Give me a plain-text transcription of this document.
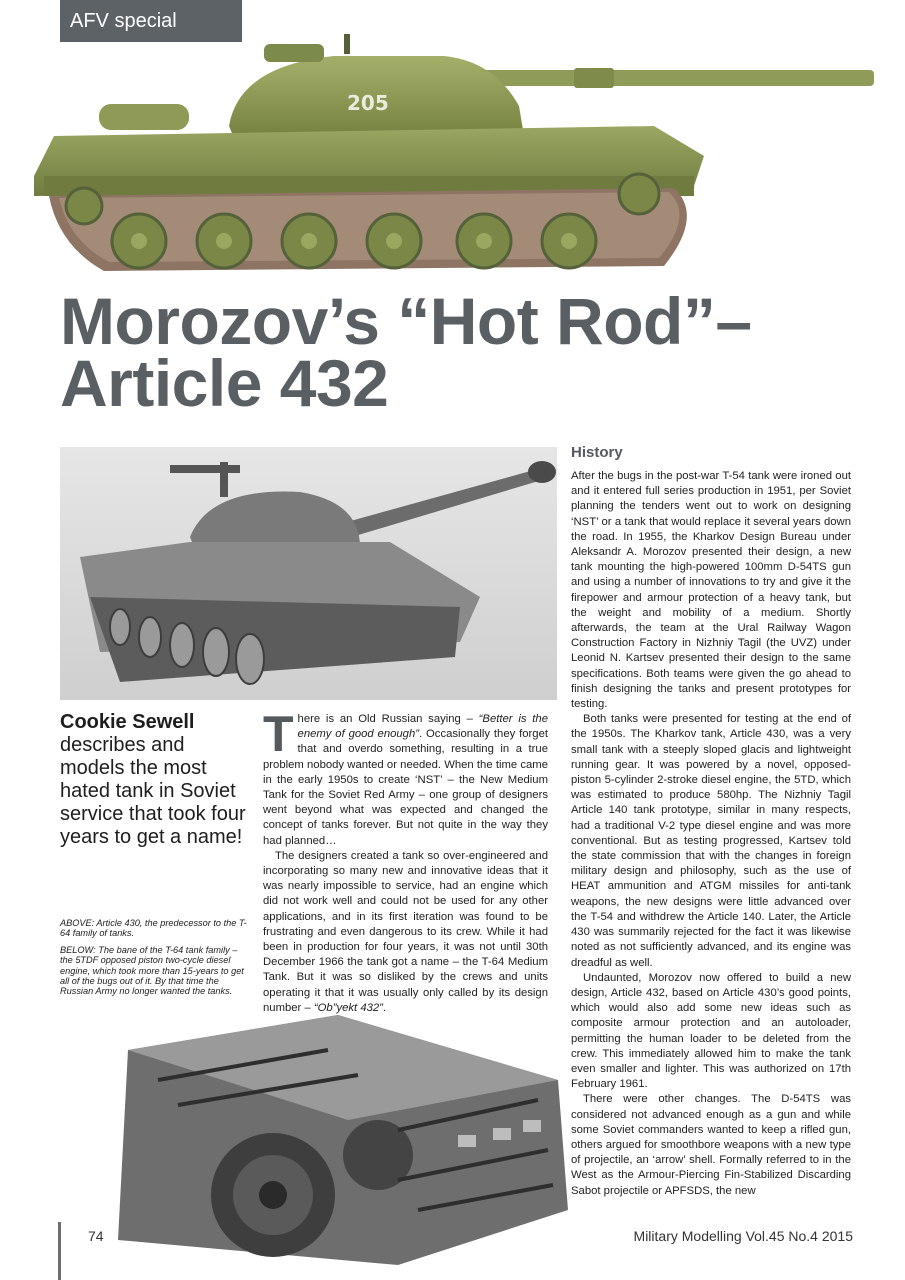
AFV special
205
Morozov’s “Hot Rod”–
Article 432
Cookie Sewell
describes and models the most hated tank in Soviet service that took four years to get a name!

ABOVE: Article 430, the predecessor to the T-64 family of tanks.

BELOW: The bane of the T-64 tank family – the 5TDF opposed piston two-cycle diesel engine, which took more than 15-years to get all of the bugs out of it. By that time the Russian Army no longer wanted the tanks.

There is an Old Russian saying – “Better is the enemy of good enough”. Occasionally they forget that and overdo something, resulting in a true problem nobody wanted or needed. When the time came in the early 1950s to create ‘NST’ – the New Medium Tank for the Soviet Red Army – one group of designers went beyond what was expected and changed the concept of tanks forever. But not quite in the way they had planned…

The designers created a tank so over-engineered and incorporating so many new and innovative ideas that it was nearly impossible to service, had an engine which did not work well and could not be used for any other applications, and in its first iteration was found to be frustrating and even dangerous to its crew. While it had been in production for four years, it was not until 30th December 1966 the tank got a name – the T-64 Medium Tank. But it was so disliked by the crews and units operating it that it was usually only called by its design number – “Ob”yekt 432”.

History

After the bugs in the post-war T-54 tank were ironed out and it entered full series production in 1951, per Soviet planning the tenders went out to work on designing ‘NST’ or a tank that would replace it several years down the road. In 1955, the Kharkov Design Bureau under Aleksandr A. Morozov presented their design, a new tank mounting the high-powered 100mm D-54TS gun and using a number of innovations to try and give it the firepower and armour protection of a heavy tank, but the weight and mobility of a medium. Shortly afterwards, the team at the Ural Railway Wagon Construction Factory in Nizhniy Tagil (the UVZ) under Leonid N. Kartsev presented their design to the same specifications. Both teams were given the go ahead to finish designing the tanks and present prototypes for testing.

Both tanks were presented for testing at the end of the 1950s. The Kharkov tank, Article 430, was a very small tank with a steeply sloped glacis and lightweight running gear. It was powered by a novel, opposed-piston 5-cylinder 2-stroke diesel engine, the 5TD, which was estimated to produce 580hp. The Nizhniy Tagil Article 140 tank prototype, similar in many respects, had a traditional V-2 type diesel engine and was more conventional. But as testing progressed, Kartsev told the state commission that with the changes in foreign military design and philosophy, such as the use of HEAT ammunition and ATGM missiles for anti-tank weapons, the new designs were little advanced over the T-54 and withdrew the Article 140. Later, the Article 430 was summarily rejected for the fact it was likewise noted as not sufficiently advanced, and its engine was dreadful as well.

Undaunted, Morozov now offered to build a new design, Article 432, based on Article 430’s good points, which would also add some new ideas such as composite armour protection and an autoloader, permitting the human loader to be deleted from the crew. This immediately allowed him to make the tank even smaller and lighter. This was authorized on 17th February 1961.

There were other changes. The D-54TS was considered not advanced enough as a gun and while some Soviet commanders wanted to keep a rifled gun, others argued for smoothbore weapons with a new type of projectile, an ‘arrow’ shell. Formally referred to in the West as the Armour-Piercing Fin-Stabilized Discarding Sabot projectile or APFSDS, the new

74	Military Modelling Vol.45 No.4 2015
